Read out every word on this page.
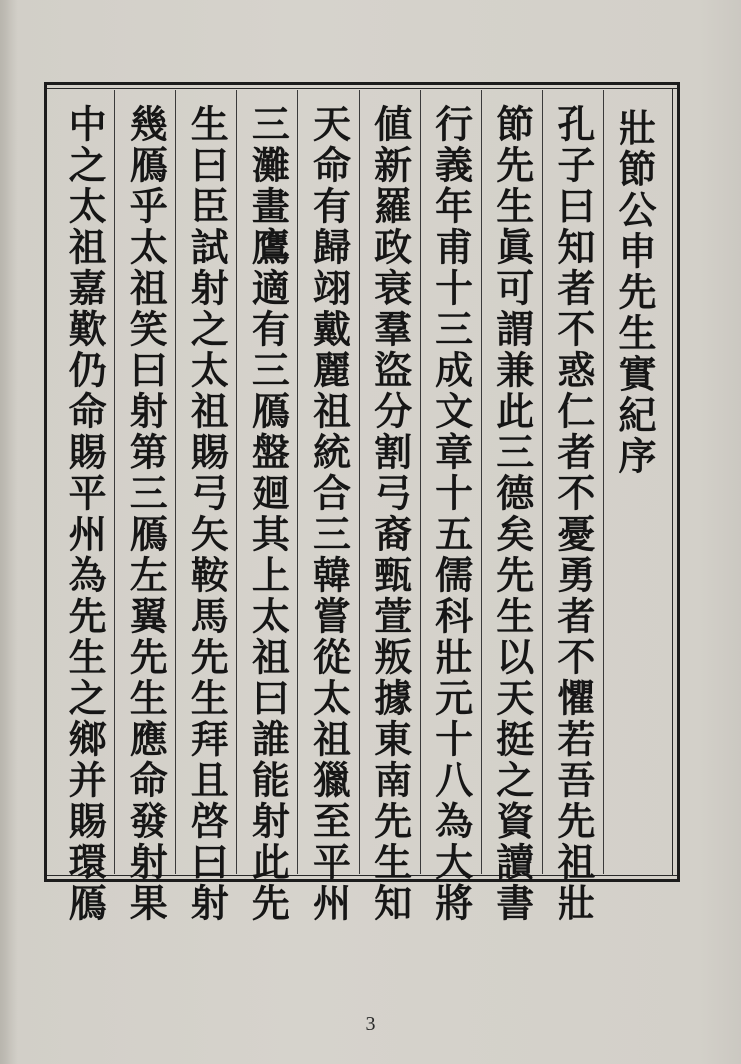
壯節公申先生實紀序
孔子曰知者不惑仁者不憂勇者不懼若吾先祖壯
節先生眞可謂兼此三德矣先生以天挺之資讀書
行義年甫十三成文章十五儒科壯元十八為大將
値新羅政衰羣盜分割弓裔甄萱叛據東南先生知
天命有歸翊戴麗祖統合三韓嘗從太祖獵至平州
三灘畫鷹適有三鴈盤廻其上太祖曰誰能射此先
生曰臣試射之太祖賜弓矢鞍馬先生拜且啓曰射
幾鴈乎太祖笑曰射第三鴈左翼先生應命發射果
中之太祖嘉歎仍命賜平州為先生之鄉并賜環鴈
3
